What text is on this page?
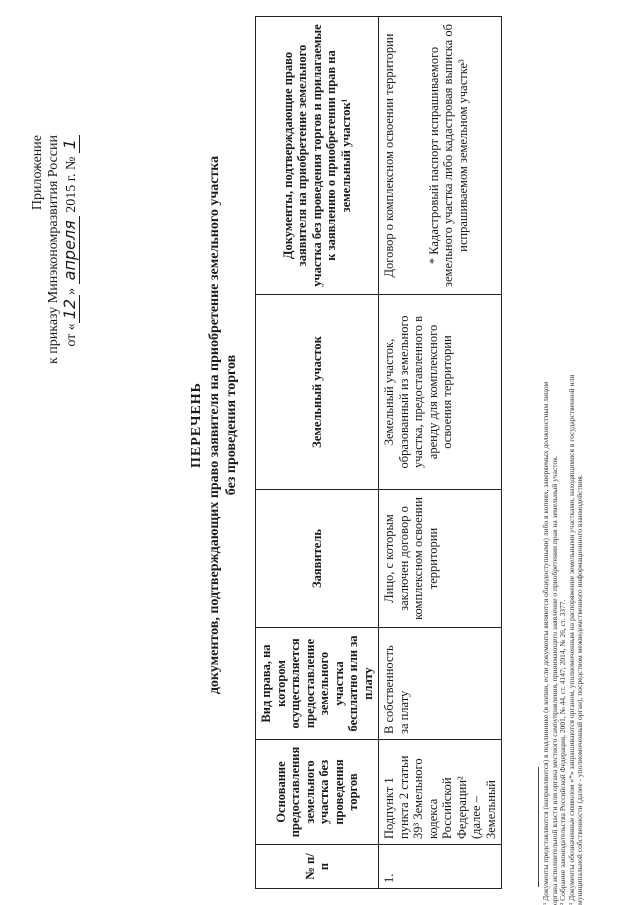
Приложение к приказу Минэкономразвития России от «12» апреля 2015 г. № 1
ПЕРЕЧЕНЬ документов, подтверждающих право заявителя на приобретение земельного участка без проведения торгов
№ п/п	Основание предоставления земельного участка без проведения торгов	Вид права, на котором осуществляется предоставление земельного участка бесплатно или за плату	Заявитель	Земельный участок	Документы, подтверждающие право заявителя на приобретение земельного участка без проведения торгов и прилагаемые к заявлению о приобретении прав на земельный участок¹
1.	Подпункт 1 пункта 2 статьи 39³ Земельного кодекса Российской Федерации² (далее – Земельный	В собственность за плату	Лицо, с которым заключен договор о комплексном освоении территории	Земельный участок, образованный из земельного участка, предоставленного в аренду для комплексного освоения территории	Договор о комплексном освоении территории * Кадастровый паспорт испрашиваемого земельного участка либо кадастровая выписка об испрашиваемом земельном участке³
¹ Документы представляются (направляются) в подлиннике (в копии, если документы являются общедоступными) либо в копиях, заверяемых должностным лицом органа исполнительной власти или органа местного самоуправления, принимающего заявление о приобретении прав на земельный участок. ² Собрание законодательства Российской Федерации, 2001, № 44, ст. 4147; 2014, № 26, ст. 3377. ³ Документы обозначенные символом «*» запрашиваются органом, уполномоченным на распоряжение земельными участками, находящимися в государственной или муниципальной собственности (далее - уполномоченный орган), посредством межведомственного информационного взаимодействия.
